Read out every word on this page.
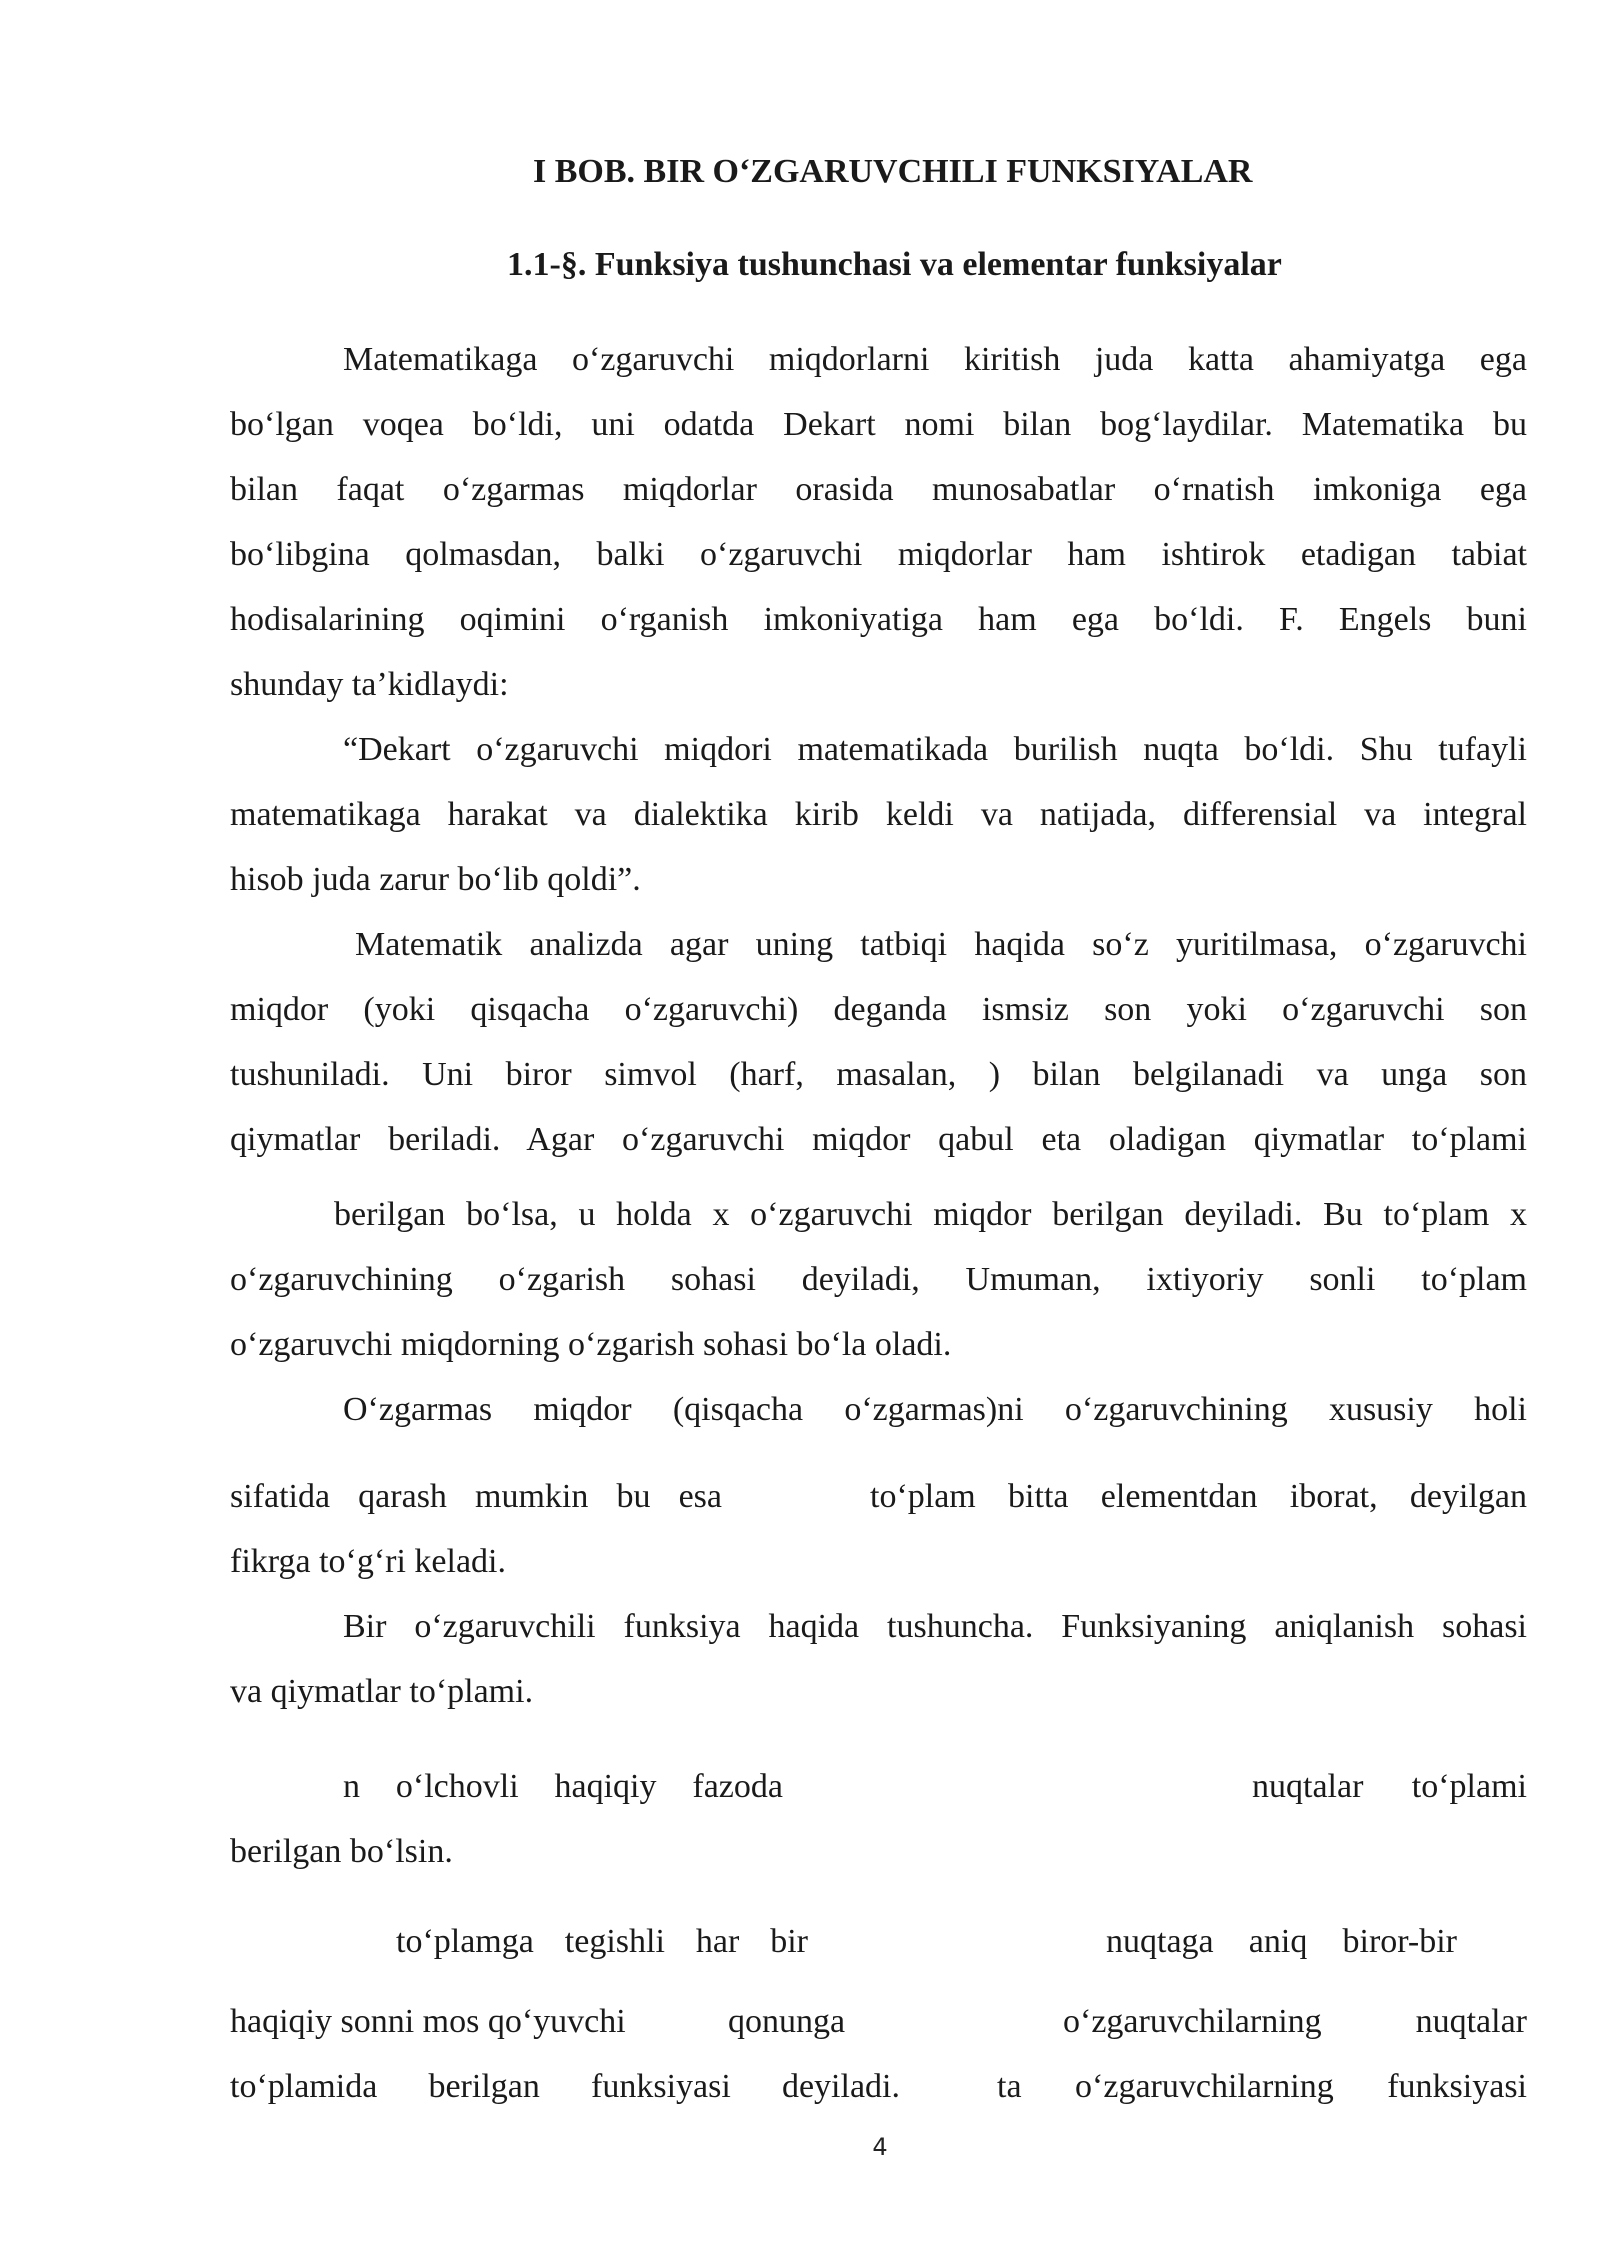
I BOB. BIR O‘ZGARUVCHILI FUNKSIYALAR
1.1-§. Funksiya tushunchasi va elementar funksiyalar
Matematikaga o‘zgaruvchi miqdorlarni kiritish juda katta ahamiyatga ega
bo‘lgan voqea bo‘ldi, uni odatda Dekart nomi bilan bog‘laydilar. Matematika bu
bilan faqat o‘zgarmas miqdorlar orasida munosabatlar o‘rnatish imkoniga ega
bo‘libgina qolmasdan, balki o‘zgaruvchi miqdorlar ham ishtirok etadigan tabiat
hodisalarining oqimini o‘rganish imkoniyatiga ham ega bo‘ldi. F. Engels buni
shunday ta’kidlaydi:
“Dekart o‘zgaruvchi miqdori matematikada burilish nuqta bo‘ldi. Shu tufayli
matematikaga harakat va dialektika kirib keldi va natijada, differensial va integral
hisob juda zarur bo‘lib qoldi”.
Matematik analizda agar uning tatbiqi haqida so‘z yuritilmasa, o‘zgaruvchi
miqdor (yoki qisqacha o‘zgaruvchi) deganda ismsiz son yoki o‘zgaruvchi son
tushuniladi. Uni biror simvol (harf, masalan, ) bilan belgilanadi va unga son
qiymatlar beriladi. Agar o‘zgaruvchi miqdor qabul eta oladigan qiymatlar to‘plami
berilgan bo‘lsa, u holda x o‘zgaruvchi miqdor berilgan deyiladi. Bu to‘plam x
o‘zgaruvchining o‘zgarish sohasi deyiladi, Umuman, ixtiyoriy sonli to‘plam
o‘zgaruvchi miqdorning o‘zgarish sohasi bo‘la oladi.
O‘zgarmas miqdor (qisqacha o‘zgarmas)ni o‘zgaruvchining xususiy holi
sifatida qarash mumkin bu esa	to‘plam bitta elementdan iborat, deyilgan
fikrga to‘g‘ri keladi.
Bir o‘zgaruvchili funksiya haqida tushuncha. Funksiyaning aniqlanish sohasi
va qiymatlar to‘plami.
n o‘lchovli haqiqiy fazoda	nuqtalar to‘plami
berilgan bo‘lsin.
to‘plamga tegishli har bir	nuqtaga aniq biror-bir
haqiqiy sonni mos qo‘yuvchi	qonunga	o‘zgaruvchilarning nuqtalar
to‘plamida berilgan funksiyasi deyiladi.	ta o‘zgaruvchilarning funksiyasi
4
